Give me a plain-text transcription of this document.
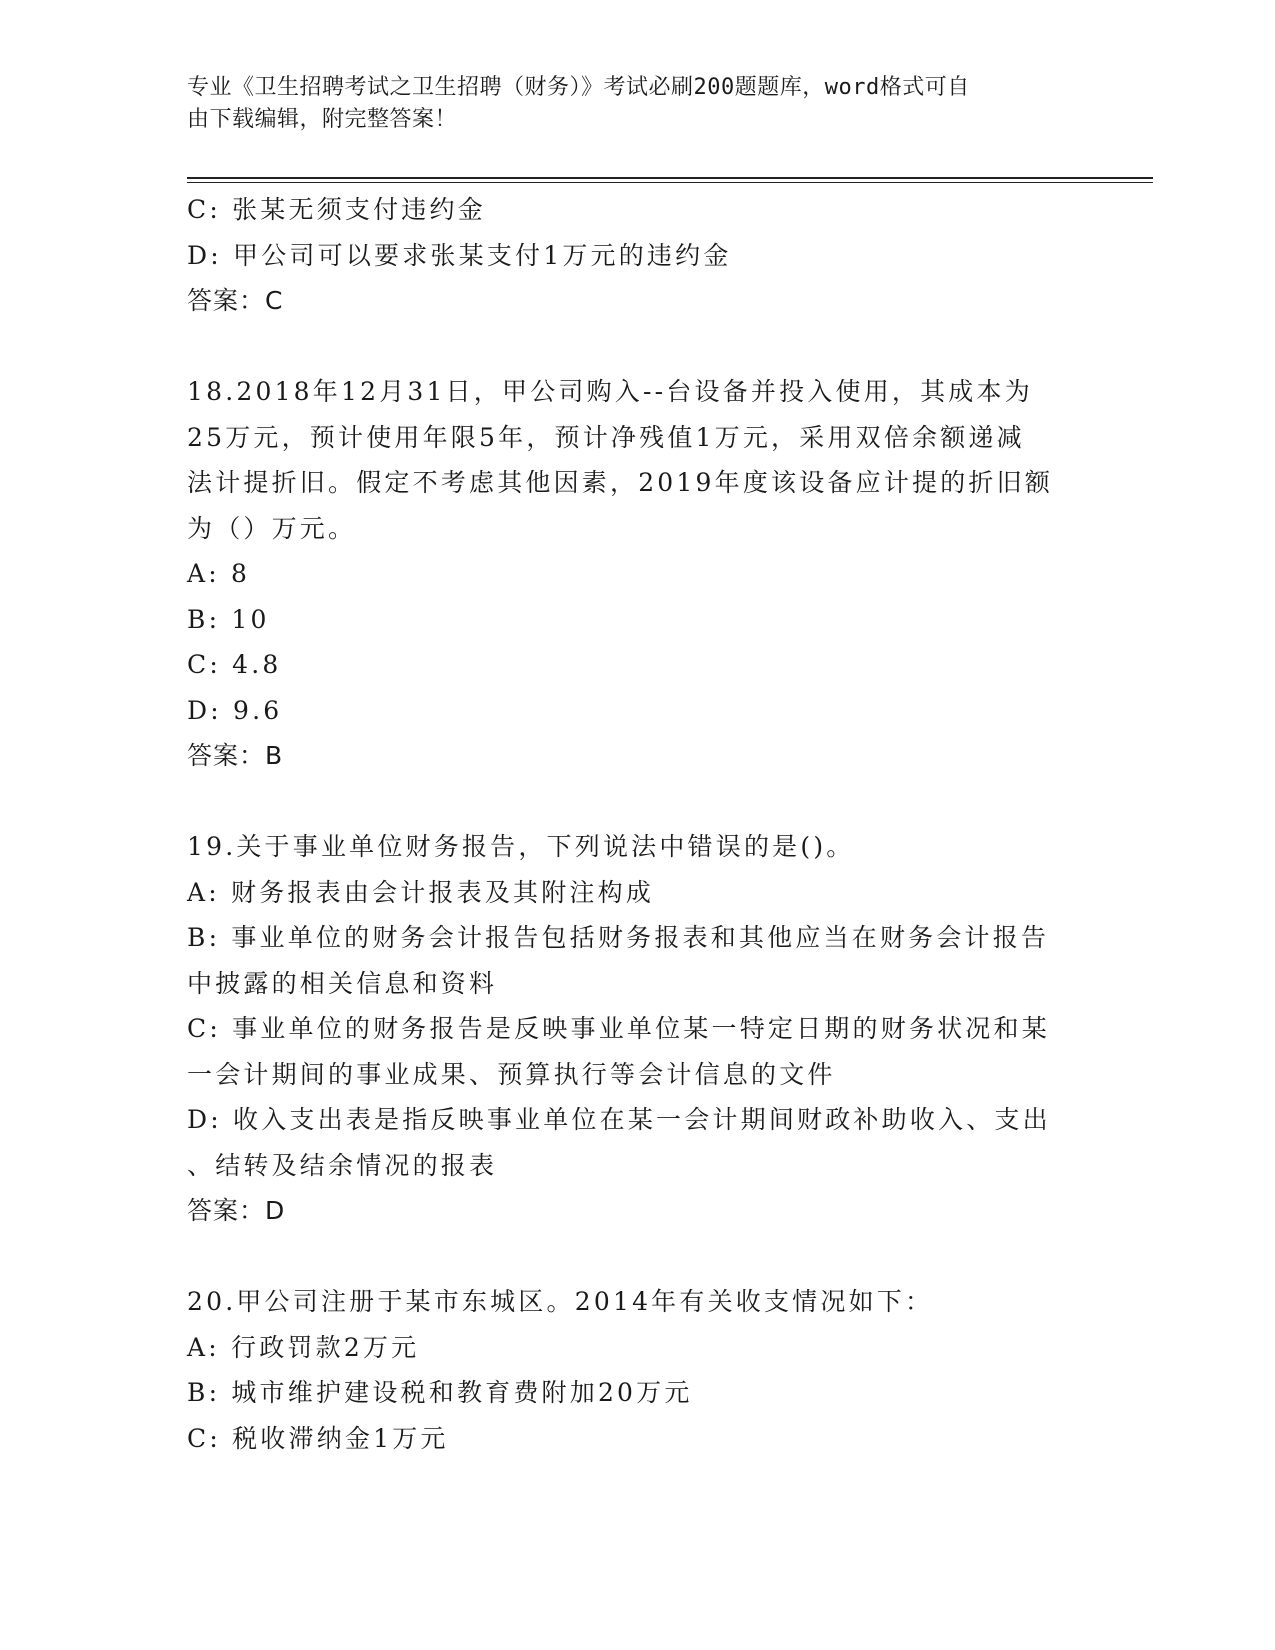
专业《卫生招聘考试之卫生招聘（财务）》考试必刷200题题库，word格式可自
由下载编辑，附完整答案！
C: 张某无须支付违约金
D: 甲公司可以要求张某支付1万元的违约金
答案：C
18.2018年12月31日，甲公司购入--台设备并投入使用，其成本为
25万元，预计使用年限5年，预计净残值1万元，采用双倍余额递减
法计提折旧。假定不考虑其他因素，2019年度该设备应计提的折旧额
为（）万元。
A: 8
B: 10
C: 4.8
D: 9.6
答案：B
19.关于事业单位财务报告，下列说法中错误的是()。
A: 财务报表由会计报表及其附注构成
B: 事业单位的财务会计报告包括财务报表和其他应当在财务会计报告
中披露的相关信息和资料
C: 事业单位的财务报告是反映事业单位某一特定日期的财务状况和某
一会计期间的事业成果、预算执行等会计信息的文件
D: 收入支出表是指反映事业单位在某一会计期间财政补助收入、支出
、结转及结余情况的报表
答案：D
20.甲公司注册于某市东城区。2014年有关收支情况如下：
A: 行政罚款2万元
B: 城市维护建设税和教育费附加20万元
C: 税收滞纳金1万元
